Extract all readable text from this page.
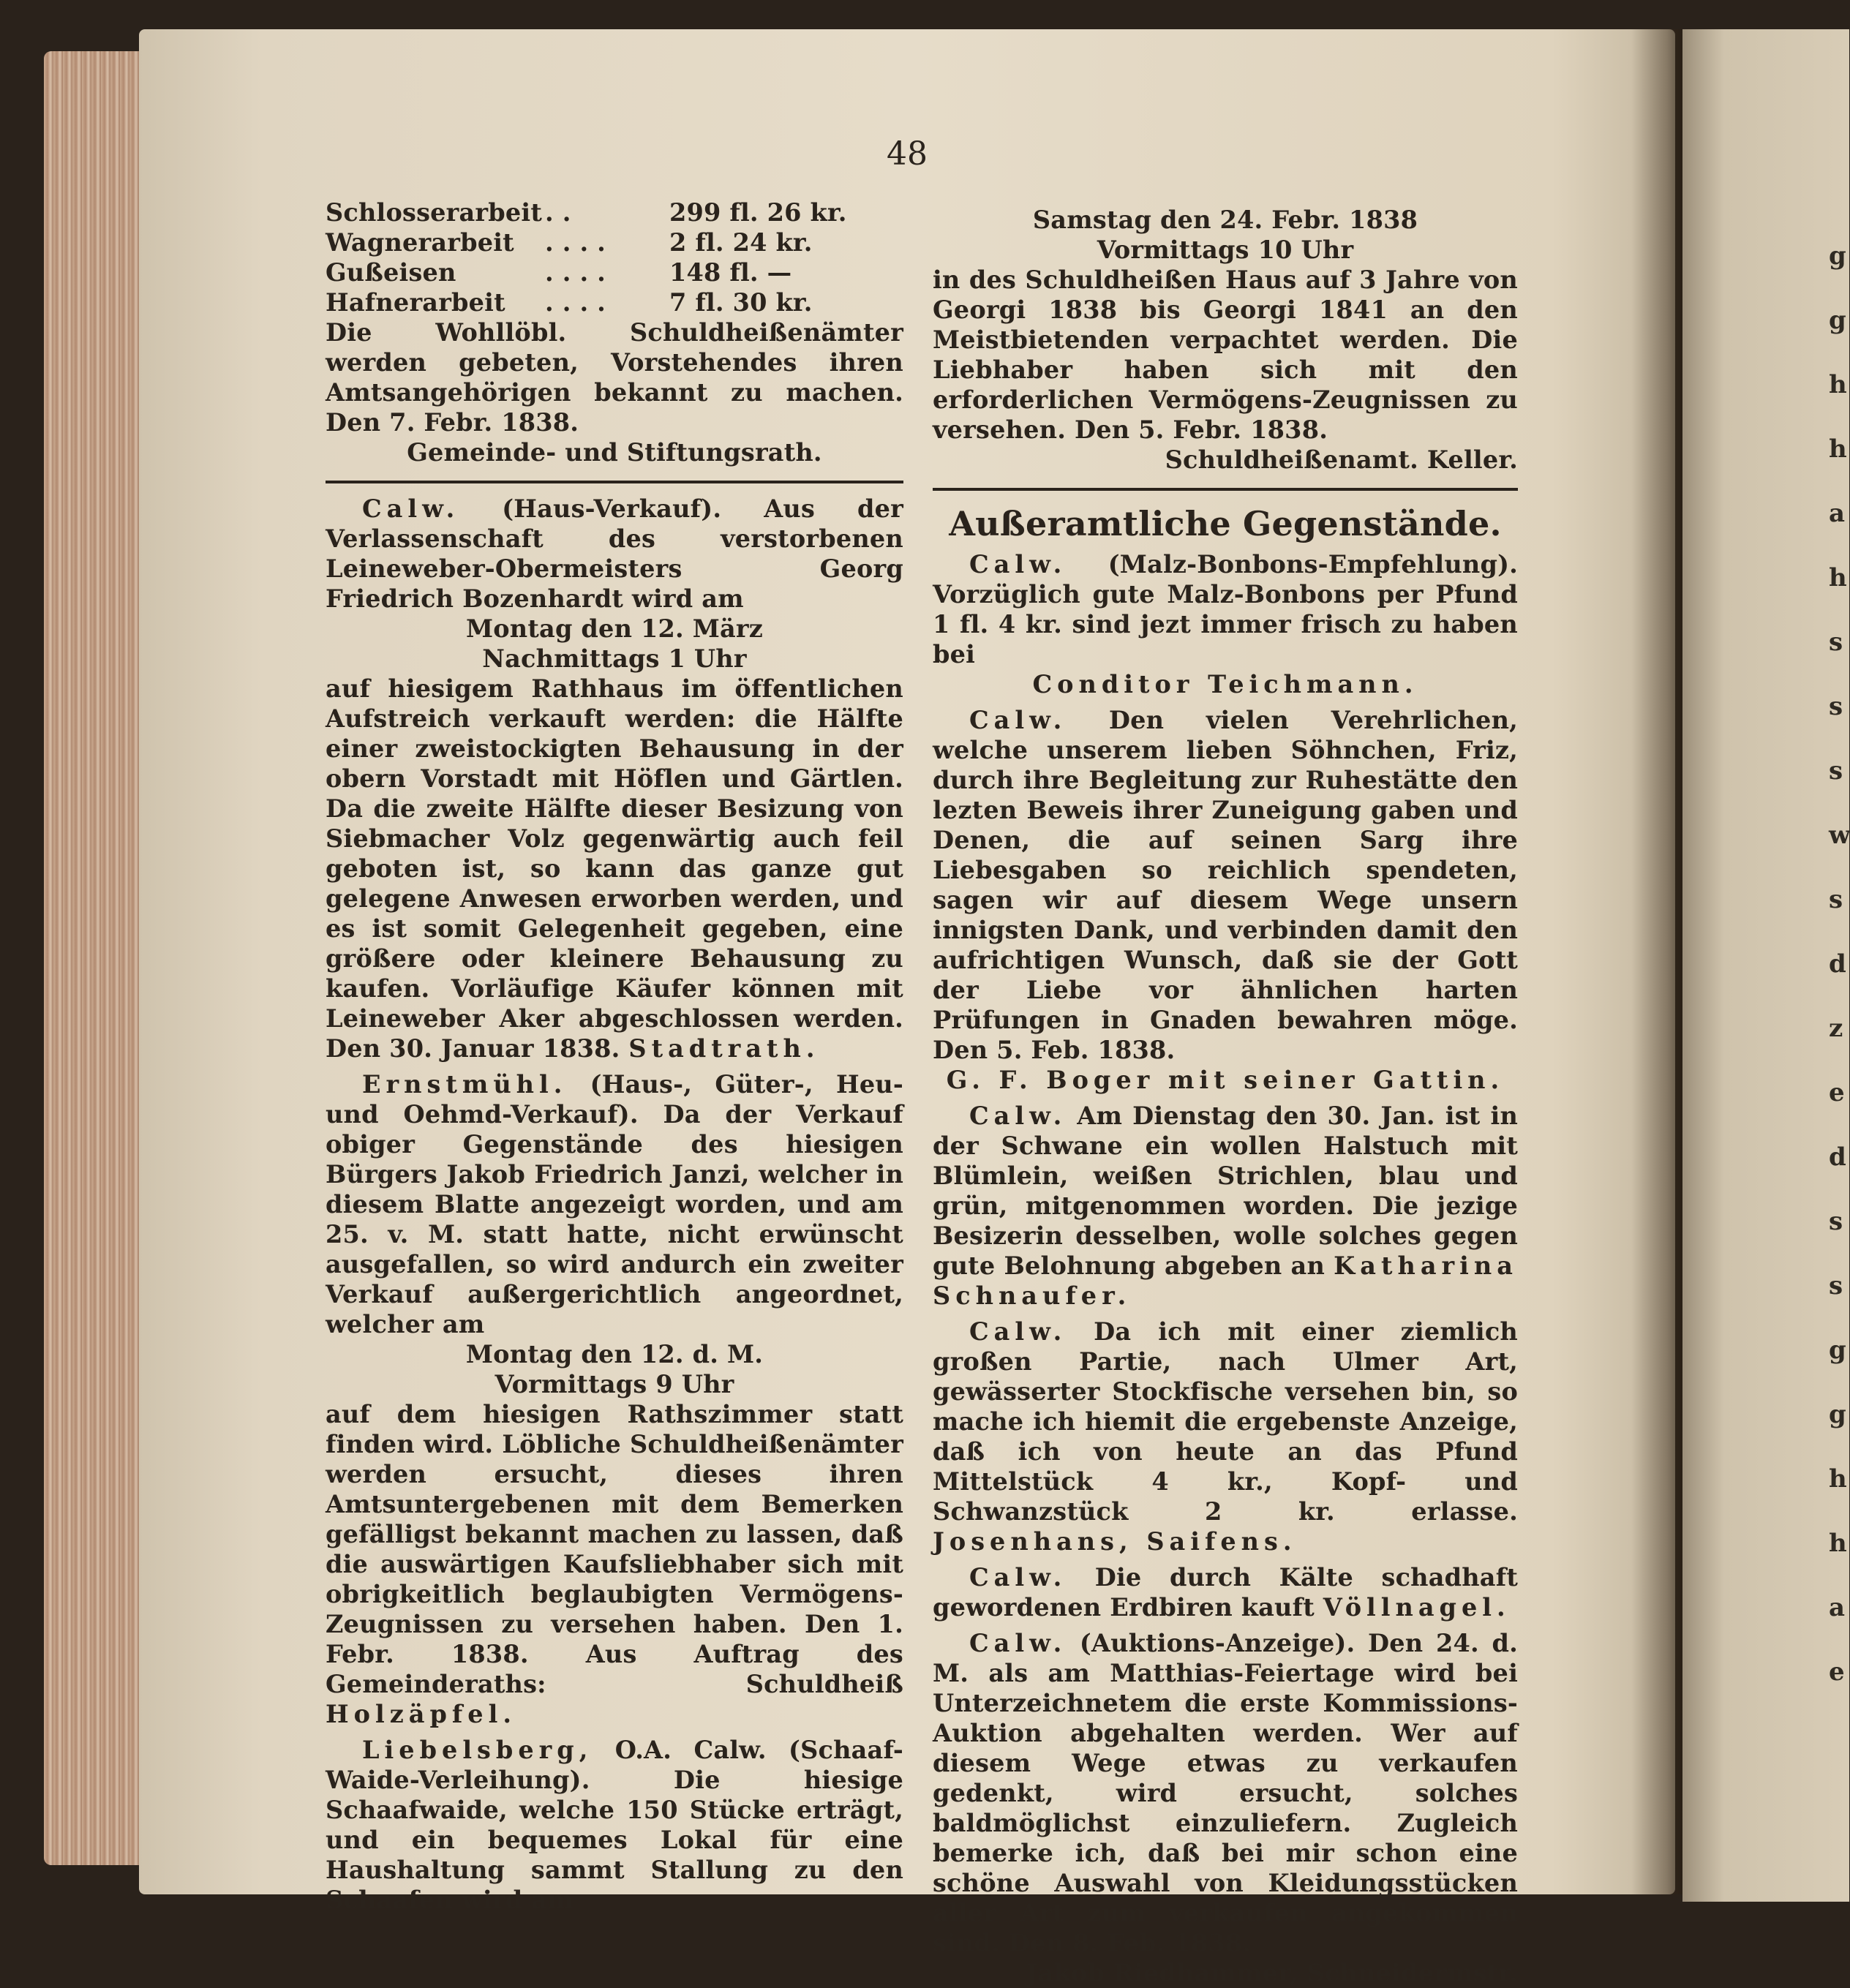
g
g
h
h
a
h
s
s
s
w
s
d
z
e
d
s
s
g
g
h
h
a
e
48
Schlosserarbeit . .	299 fl. 26 kr.
Wagnerarbeit	. . . .	2 fl. 24 kr.
Gußeisen	. . . .	148 fl. —
Hafnerarbeit	. . . .	7 fl. 30 kr.

Die Wohllöbl. Schuldheißenämter werden gebeten, Vorstehendes ihren Amtsangehörigen bekannt zu machen. Den 7. Febr. 1838.

Gemeinde- und Stiftungsrath.

Calw. (Haus-Verkauf). Aus der Verlassenschaft des verstorbenen Leineweber-Obermeisters Georg Friedrich Bozenhardt wird am

Montag den 12. März

Nachmittags 1 Uhr

auf hiesigem Rathhaus im öffentlichen Aufstreich verkauft werden: die Hälfte einer zweistockigten Behausung in der obern Vorstadt mit Höflen und Gärtlen. Da die zweite Hälfte dieser Besizung von Siebmacher Volz gegenwärtig auch feil geboten ist, so kann das ganze gut gelegene Anwesen erworben werden, und es ist somit Gelegenheit gegeben, eine größere oder kleinere Behausung zu kaufen. Vorläufige Käufer können mit Leineweber Aker abgeschlossen werden. Den 30. Januar 1838. Stadtrath.

Ernstmühl. (Haus-, Güter-, Heu- und Oehmd-Verkauf). Da der Verkauf obiger Gegenstände des hiesigen Bürgers Jakob Friedrich Janzi, welcher in diesem Blatte angezeigt worden, und am 25. v. M. statt hatte, nicht erwünscht ausgefallen, so wird andurch ein zweiter Verkauf außergerichtlich angeordnet, welcher am

Montag den 12. d. M.

Vormittags 9 Uhr

auf dem hiesigen Rathszimmer statt finden wird. Löbliche Schuldheißenämter werden ersucht, dieses ihren Amtsuntergebenen mit dem Bemerken gefälligst bekannt machen zu lassen, daß die auswärtigen Kaufsliebhaber sich mit obrigkeitlich beglaubigten Vermögens-Zeugnissen zu versehen haben. Den 1. Febr. 1838. Aus Auftrag des Gemeinderaths: Schuldheiß Holzäpfel.

Liebelsberg, O.A. Calw. (Schaaf-Waide-Verleihung). Die hiesige Schaafwaide, welche 150 Stücke erträgt, und ein bequemes Lokal für eine Haushaltung sammt Stallung zu den Schaafen wird am

Samstag den 24. Febr. 1838

Vormittags 10 Uhr

in des Schuldheißen Haus auf 3 Jahre von Georgi 1838 bis Georgi 1841 an den Meistbietenden verpachtet werden. Die Liebhaber haben sich mit den erforderlichen Vermögens-Zeugnissen zu versehen. Den 5. Febr. 1838.

Schuldheißenamt. Keller.

Außeramtliche Gegenstände.

Calw. (Malz-Bonbons-Empfehlung). Vorzüglich gute Malz-Bonbons per Pfund 1 fl. 4 kr. sind jezt immer frisch zu haben bei

Conditor Teichmann.

Calw. Den vielen Verehrlichen, welche unserem lieben Söhnchen, Friz, durch ihre Begleitung zur Ruhestätte den lezten Beweis ihrer Zuneigung gaben und Denen, die auf seinen Sarg ihre Liebesgaben so reichlich spendeten, sagen wir auf diesem Wege unsern innigsten Dank, und verbinden damit den aufrichtigen Wunsch, daß sie der Gott der Liebe vor ähnlichen harten Prüfungen in Gnaden bewahren möge. Den 5. Feb. 1838.

G. F. Boger mit seiner Gattin.

Calw. Am Dienstag den 30. Jan. ist in der Schwane ein wollen Halstuch mit Blümlein, weißen Strichlen, blau und grün, mitgenommen worden. Die jezige Besizerin desselben, wolle solches gegen gute Belohnung abgeben an Katharina Schnaufer.

Calw. Da ich mit einer ziemlich großen Partie, nach Ulmer Art, gewässerter Stockfische versehen bin, so mache ich hiemit die ergebenste Anzeige, daß ich von heute an das Pfund Mittelstück 4 kr., Kopf- und Schwanzstück 2 kr. erlasse. Josenhans, Saifens.

Calw. Die durch Kälte schadhaft gewordenen Erdbiren kauft Völlnagel.

Calw. (Auktions-Anzeige). Den 24. d. M. als am Matthias-Feiertage wird bei Unterzeichnetem die erste Kommissions-Auktion abgehalten werden. Wer auf diesem Wege etwas zu verkaufen gedenkt, wird ersucht, solches baldmöglichst einzuliefern. Zugleich bemerke ich, daß bei mir schon eine schöne Auswahl von Kleidungsstücken aller Art zum verkaufen angekommen sind. Den 8. Feb. 1838.

Jakob Riedhammer, Schneidermstr.
